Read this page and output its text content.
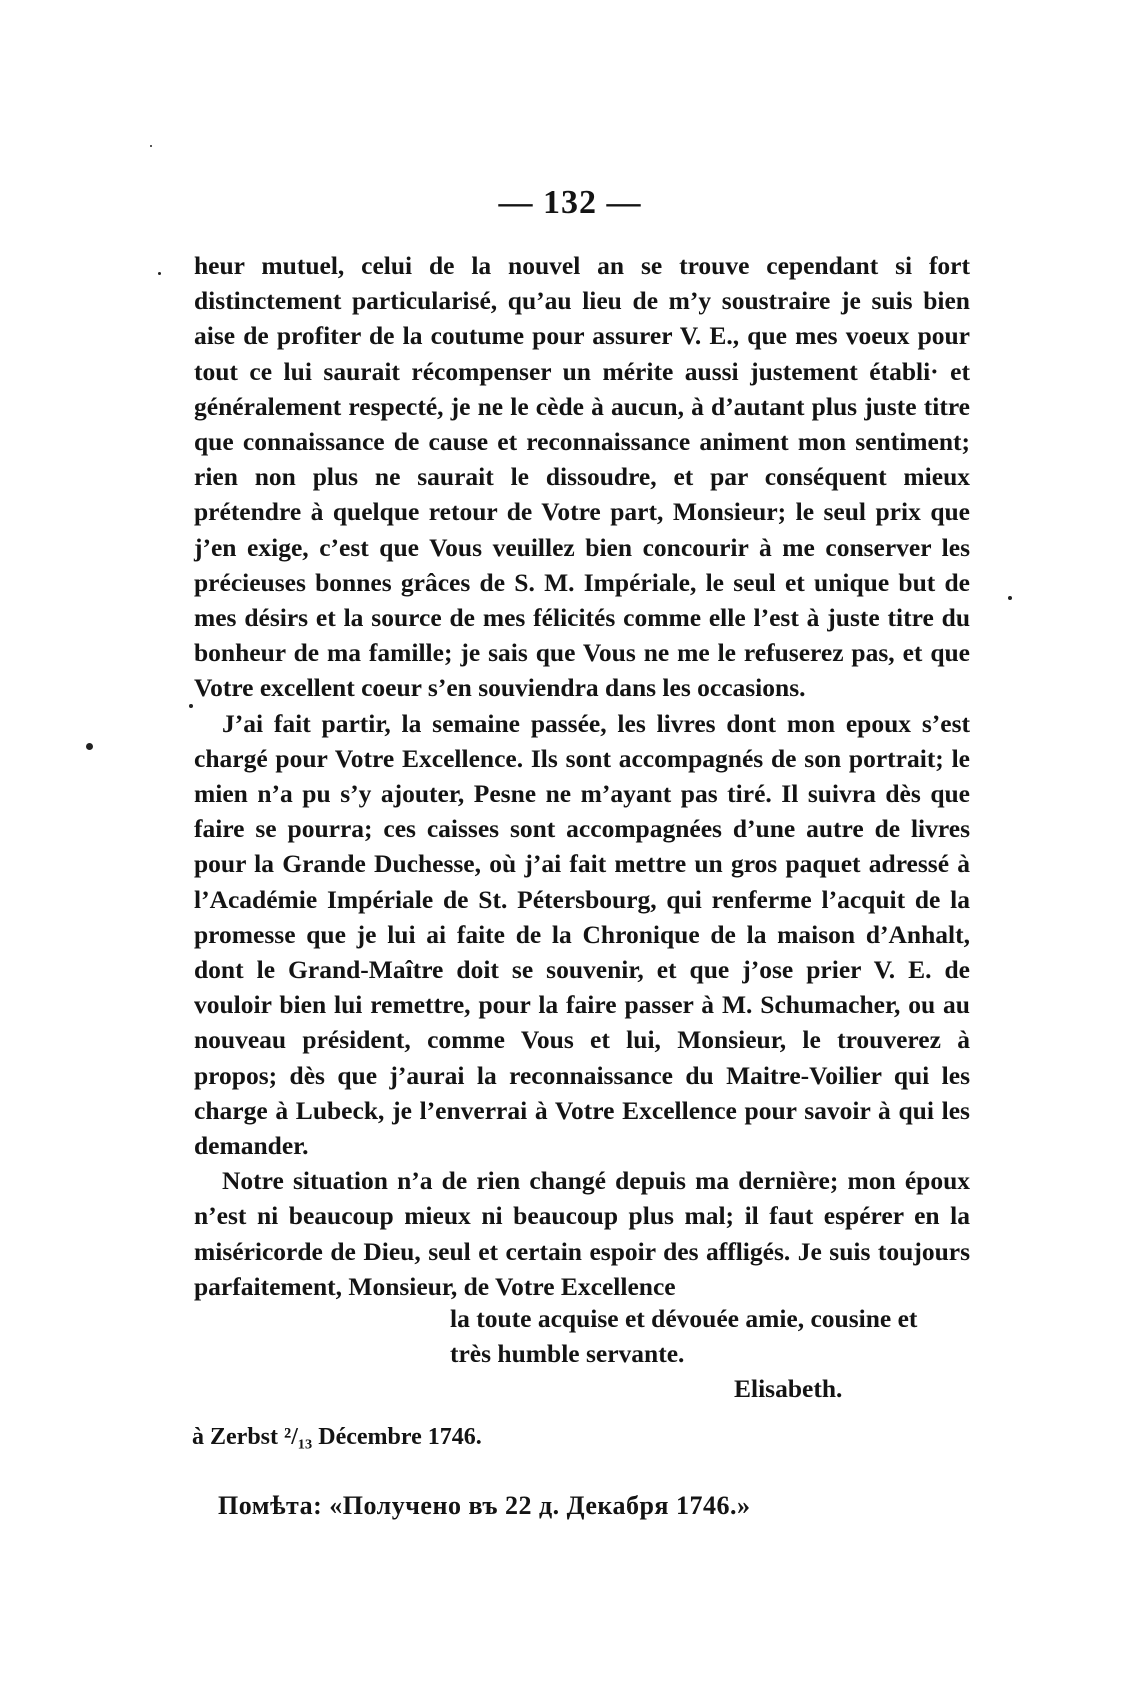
— 132 —

heur mutuel, celui de la nouvel an se trouve cependant si fort distinctement particularisé, qu’au lieu de m’y soustraire je suis bien aise de profiter de la coutume pour assurer V. E., que mes voeux pour tout ce lui saurait récompenser un mérite aussi justement établi· et généralement respecté, je ne le cède à aucun, à d’autant plus juste titre que connaissance de cause et reconnaissance animent mon sentiment; rien non plus ne saurait le dissoudre, et par conséquent mieux prétendre à quelque retour de Votre part, Monsieur; le seul prix que j’en exige, c’est que Vous veuillez bien concourir à me conserver les précieuses bonnes grâces de S. M. Impériale, le seul et unique but de mes désirs et la source de mes félicités comme elle l’est à juste titre du bonheur de ma famille; je sais que Vous ne me le refuserez pas, et que Votre excellent coeur s’en souviendra dans les occasions.

J’ai fait partir, la semaine passée, les livres dont mon epoux s’est chargé pour Votre Excellence. Ils sont accompagnés de son portrait; le mien n’a pu s’y ajouter, Pesne ne m’ayant pas tiré. Il suivra dès que faire se pourra; ces caisses sont accompagnées d’une autre de livres pour la Grande Duchesse, où j’ai fait mettre un gros paquet adressé à l’Académie Impériale de St. Pétersbourg, qui renferme l’acquit de la promesse que je lui ai faite de la Chronique de la maison d’Anhalt, dont le Grand-Maître doit se souvenir, et que j’ose prier V. E. de vouloir bien lui remettre, pour la faire passer à M. Schumacher, ou au nouveau président, comme Vous et lui, Monsieur, le trouverez à propos; dès que j’aurai la reconnaissance du Maitre-Voilier qui les charge à Lubeck, je l’enverrai à Votre Excellence pour savoir à qui les demander.

Notre situation n’a de rien changé depuis ma dernière; mon époux n’est ni beaucoup mieux ni beaucoup plus mal; il faut espérer en la miséricorde de Dieu, seul et certain espoir des affligés. Je suis toujours parfaitement, Monsieur, de Votre Excellence

la toute acquise et dévouée amie, cousine et
très humble servante.
Elisabeth.
à Zerbst ²/₁₃ Décembre 1746.
Помѣта: «Получено въ 22 д. Декабря 1746.»
